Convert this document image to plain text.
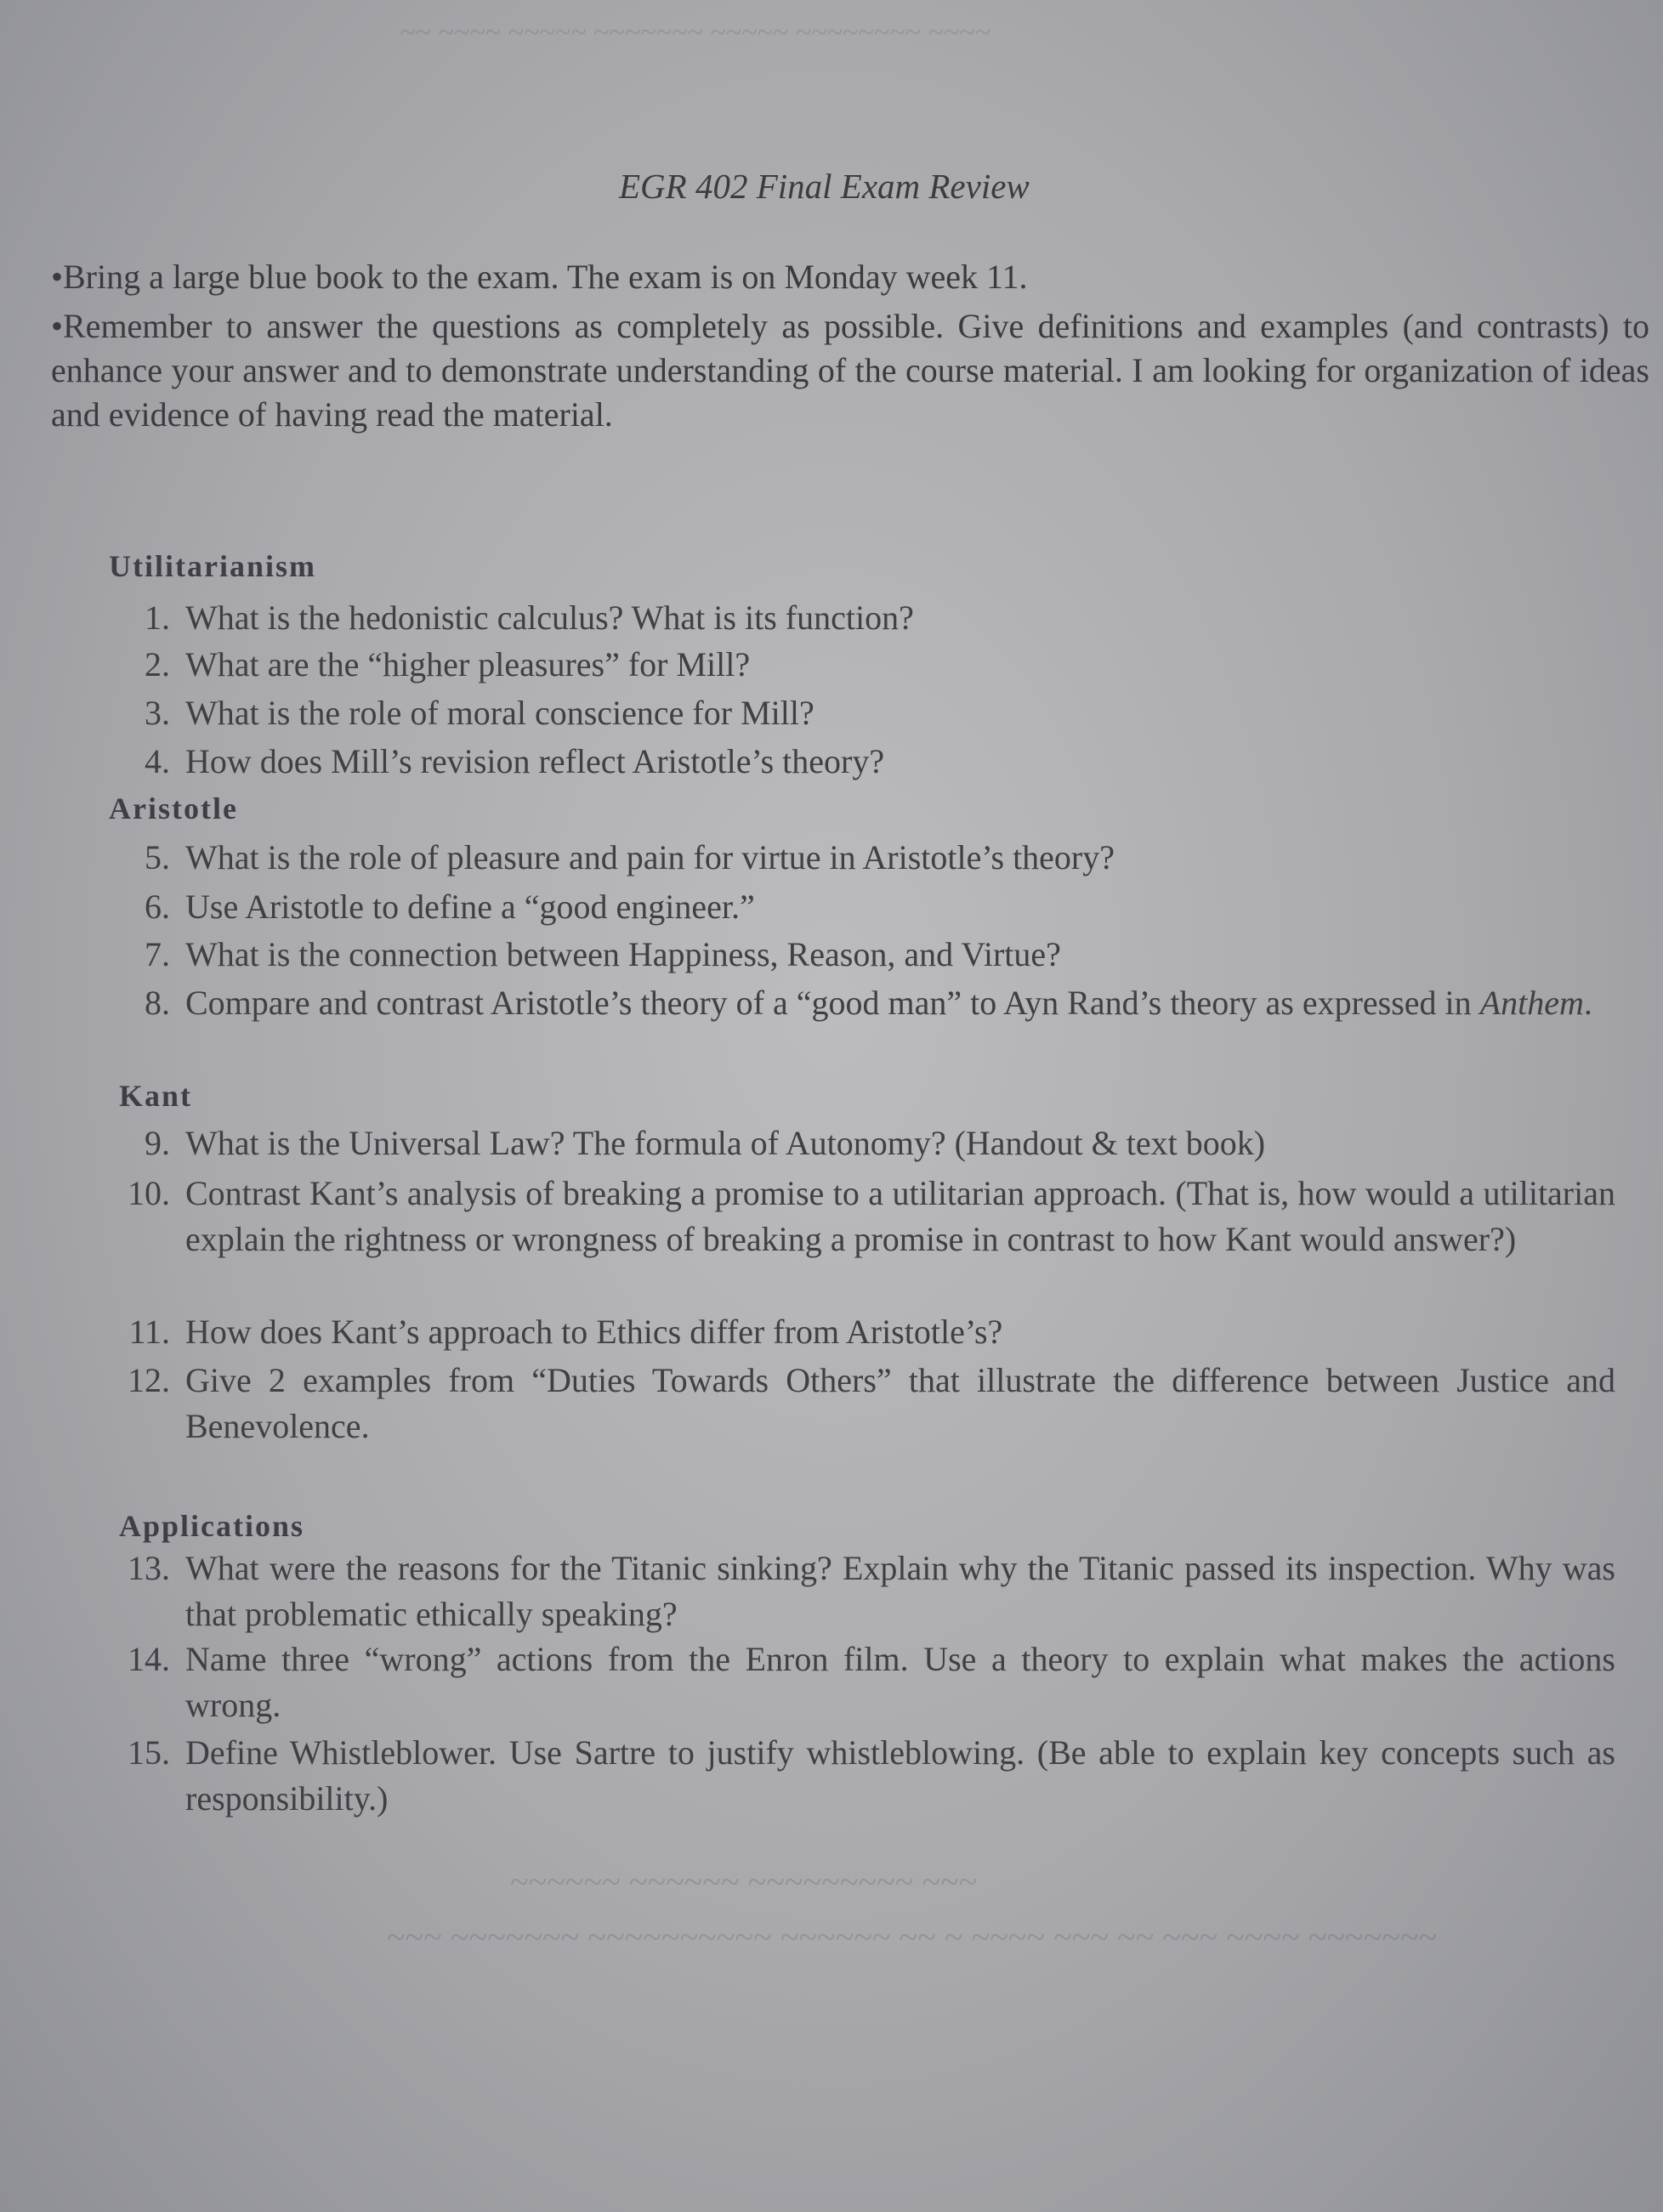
~~ ~~~~ ~~~~~ ~~~~~~~ ~~~~~ ~~~~~~~~ ~~~~
~~~~~~ ~~~~~~ ~~~~~~~~~ ~~~
~~~ ~~~~~~~ ~~~~~~~~~~ ~~~~~~ ~~ ~ ~~~~ ~~~ ~~ ~~~ ~~~~ ~~~~~~~
EGR 402 Final Exam Review
•Bring a large blue book to the exam. The exam is on Monday week 11.
•Remember to answer the questions as completely as possible. Give definitions and examples (and contrasts) to enhance your answer and to demonstrate understanding of the course material. I am looking for organization of ideas and evidence of having read the material.
Utilitarianism
1. What is the hedonistic calculus? What is its function?
2. What are the “higher pleasures” for Mill?
3. What is the role of moral conscience for Mill?
4. How does Mill’s revision reflect Aristotle’s theory?
Aristotle
5. What is the role of pleasure and pain for virtue in Aristotle’s theory?
6. Use Aristotle to define a “good engineer.”
7. What is the connection between Happiness, Reason, and Virtue?
8. Compare and contrast Aristotle’s theory of a “good man” to Ayn Rand’s theory as expressed in Anthem.
Kant
9. What is the Universal Law? The formula of Autonomy? (Handout & text book)
10. Contrast Kant’s analysis of breaking a promise to a utilitarian approach. (That is, how would a utilitarian explain the rightness or wrongness of breaking a promise in contrast to how Kant would answer?)
11. How does Kant’s approach to Ethics differ from Aristotle’s?
12. Give 2 examples from “Duties Towards Others” that illustrate the difference between Justice and Benevolence.
Applications
13. What were the reasons for the Titanic sinking? Explain why the Titanic passed its inspection. Why was that problematic ethically speaking?
14. Name three “wrong” actions from the Enron film. Use a theory to explain what makes the actions wrong.
15. Define Whistleblower. Use Sartre to justify whistleblowing. (Be able to explain key concepts such as responsibility.)
